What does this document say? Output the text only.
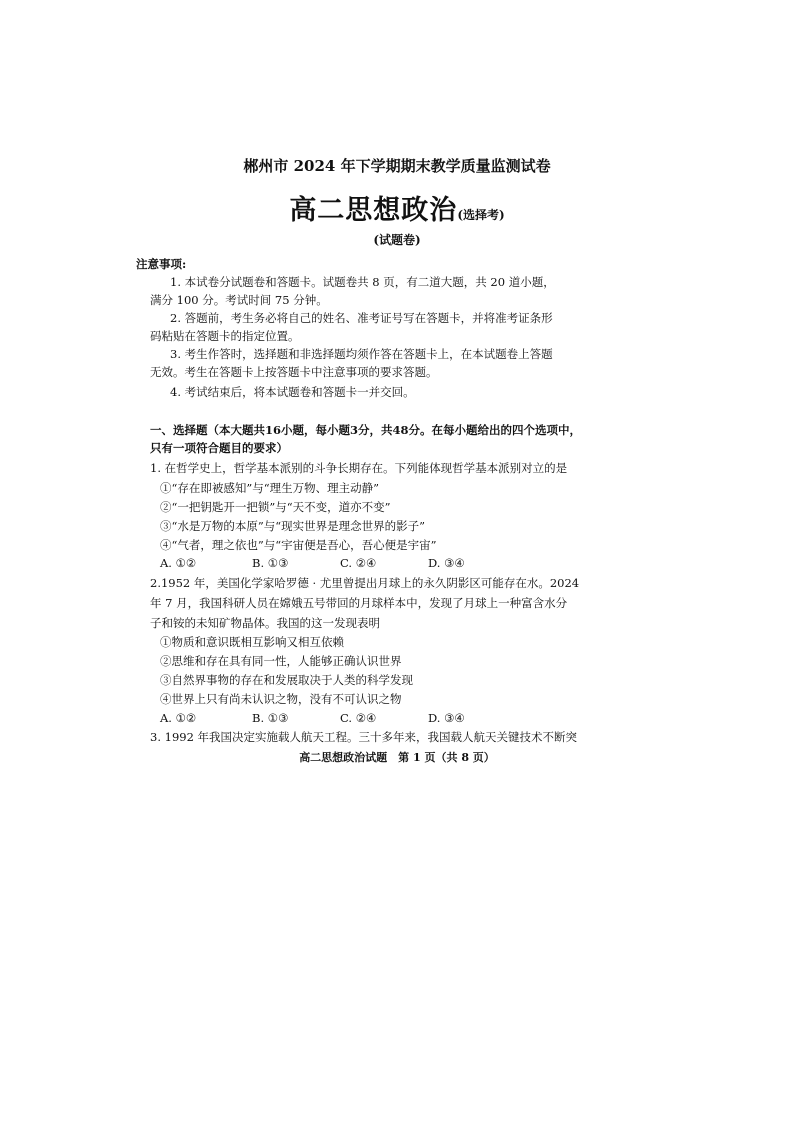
郴州市 2024 年下学期期末教学质量监测试卷
高二思想政治(选择考)
(试题卷)
注意事项:
1. 本试卷分试题卷和答题卡。试题卷共 8 页，有二道大题，共 20 道小题，
满分 100 分。考试时间 75 分钟。
2. 答题前，考生务必将自己的姓名、准考证号写在答题卡，并将准考证条形
码粘贴在答题卡的指定位置。
3. 考生作答时，选择题和非选择题均须作答在答题卡上，在本试题卷上答题
无效。考生在答题卡上按答题卡中注意事项的要求答题。
4. 考试结束后，将本试题卷和答题卡一并交回。
一、选择题（本大题共16小题，每小题3分，共48分。在每小题给出的四个选项中，
只有一项符合题目的要求）
1. 在哲学史上，哲学基本派别的斗争长期存在。下列能体现哲学基本派别对立的是
①“存在即被感知”与“理生万物、理主动静”
②“一把钥匙开一把锁”与“天不变，道亦不变”
③“水是万物的本原”与“现实世界是理念世界的影子”
④“气者，理之依也”与“宇宙便是吾心，吾心便是宇宙”
A. ①②	B. ①③	C. ②④	D. ③④
2.1952 年，美国化学家哈罗德 · 尤里曾提出月球上的永久阴影区可能存在水。2024
年 7 月，我国科研人员在嫦娥五号带回的月球样本中，发现了月球上一种富含水分
子和铵的未知矿物晶体。我国的这一发现表明
①物质和意识既相互影响又相互依赖
②思维和存在具有同一性，人能够正确认识世界
③自然界事物的存在和发展取决于人类的科学发现
④世界上只有尚未认识之物，没有不可认识之物
A. ①②	B. ①③	C. ②④	D. ③④
3. 1992 年我国决定实施载人航天工程。三十多年来，我国载人航天关键技术不断突
高二思想政治试题　第 1 页（共 8 页）
